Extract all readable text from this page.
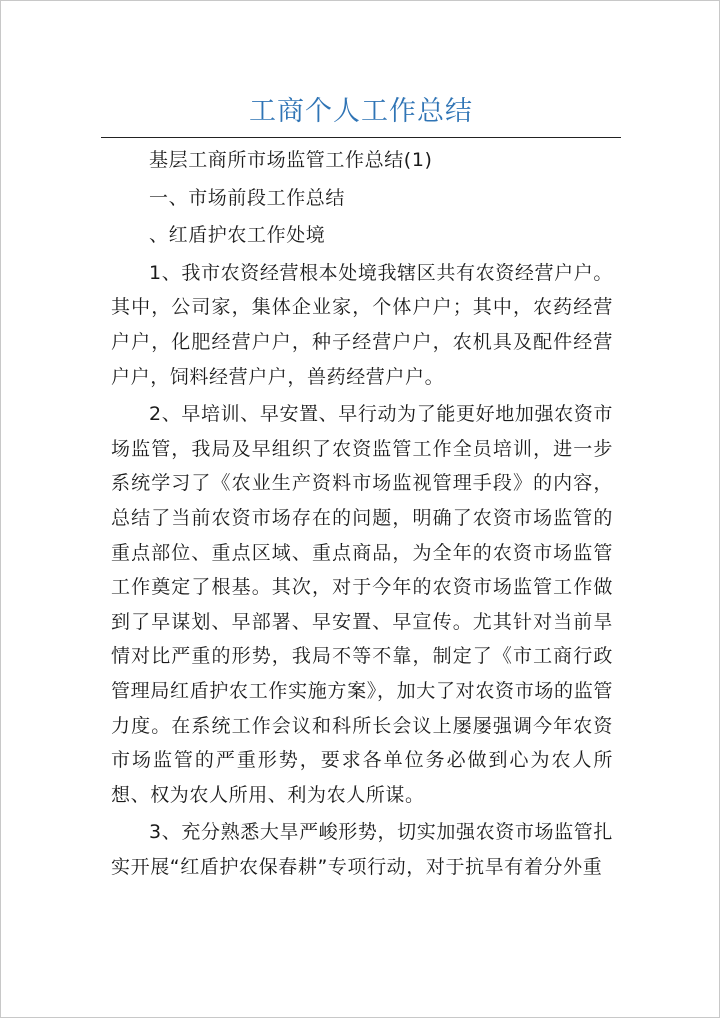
工商个人工作总结

基层工商所市场监管工作总结(1)

一、市场前段工作总结

、红盾护农工作处境

1、我市农资经营根本处境我辖区共有农资经营户户。其中，公司家，集体企业家，个体户户；其中，农药经营户户，化肥经营户户，种子经营户户，农机具及配件经营户户，饲料经营户户，兽药经营户户。

2、早培训、早安置、早行动为了能更好地加强农资市场监管，我局及早组织了农资监管工作全员培训，进一步系统学习了《农业生产资料市场监视管理手段》的内容，总结了当前农资市场存在的问题，明确了农资市场监管的重点部位、重点区域、重点商品，为全年的农资市场监管工作奠定了根基。其次，对于今年的农资市场监管工作做到了早谋划、早部署、早安置、早宣传。尤其针对当前旱情对比严重的形势，我局不等不靠，制定了《市工商行政管理局红盾护农工作实施方案》，加大了对农资市场的监管力度。在系统工作会议和科所长会议上屡屡强调今年农资市场监管的严重形势，要求各单位务必做到心为农人所想、权为农人所用、利为农人所谋。

3、充分熟悉大旱严峻形势，切实加强农资市场监管扎实开展“红盾护农保春耕”专项行动，对于抗旱有着分外重
